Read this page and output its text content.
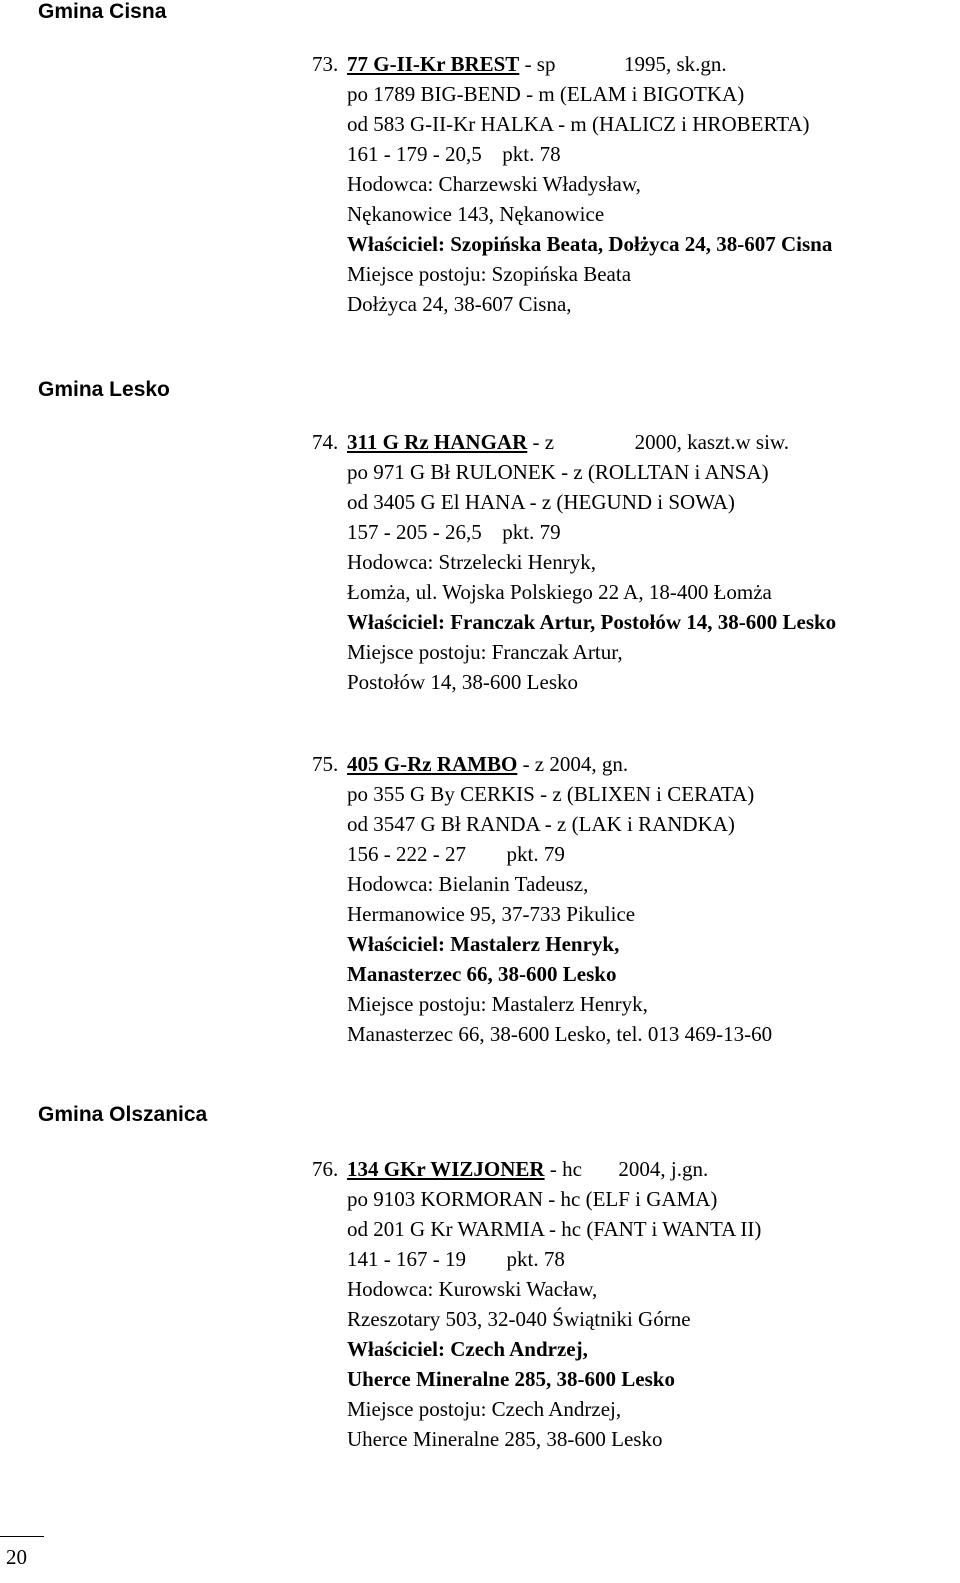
Gmina Cisna
Gmina Lesko
Gmina Olszanica
73. 77 G-II-Kr BREST - sp	1995, sk.gn.
po 1789 BIG-BEND - m (ELAM i BIGOTKA)
od 583 G-II-Kr HALKA - m (HALICZ i HROBERTA)
161 - 179 - 20,5 pkt. 78
Hodowca: Charzewski Władysław,
Nękanowice 143, Nękanowice
Właściciel: Szopińska Beata, Dołżyca 24, 38-607 Cisna
Miejsce postoju: Szopińska Beata
Dołżyca 24, 38-607 Cisna,
74. 311 G Rz HANGAR - z	2000, kaszt.w siw.
po 971 G Bł RULONEK - z (ROLLTAN i ANSA)
od 3405 G El HANA - z (HEGUND i SOWA)
157 - 205 - 26,5 pkt. 79
Hodowca: Strzelecki Henryk,
Łomża, ul. Wojska Polskiego 22 A, 18-400 Łomża
Właściciel: Franczak Artur, Postołów 14, 38-600 Lesko
Miejsce postoju: Franczak Artur,
Postołów 14, 38-600 Lesko
75. 405 G-Rz RAMBO - z 2004, gn.
po 355 G By CERKIS - z (BLIXEN i CERATA)
od 3547 G Bł RANDA - z (LAK i RANDKA)
156 - 222 - 27 pkt. 79
Hodowca: Bielanin Tadeusz,
Hermanowice 95, 37-733 Pikulice
Właściciel: Mastalerz Henryk,
Manasterzec 66, 38-600 Lesko
Miejsce postoju: Mastalerz Henryk,
Manasterzec 66, 38-600 Lesko, tel. 013 469-13-60
76. 134 GKr WIZJONER - hc 2004, j.gn.
po 9103 KORMORAN - hc (ELF i GAMA)
od 201 G Kr WARMIA - hc (FANT i WANTA II)
141 - 167 - 19 pkt. 78
Hodowca: Kurowski Wacław,
Rzeszotary 503, 32-040 Świątniki Górne
Właściciel: Czech Andrzej,
Uherce Mineralne 285, 38-600 Lesko
Miejsce postoju: Czech Andrzej,
Uherce Mineralne 285, 38-600 Lesko
20
